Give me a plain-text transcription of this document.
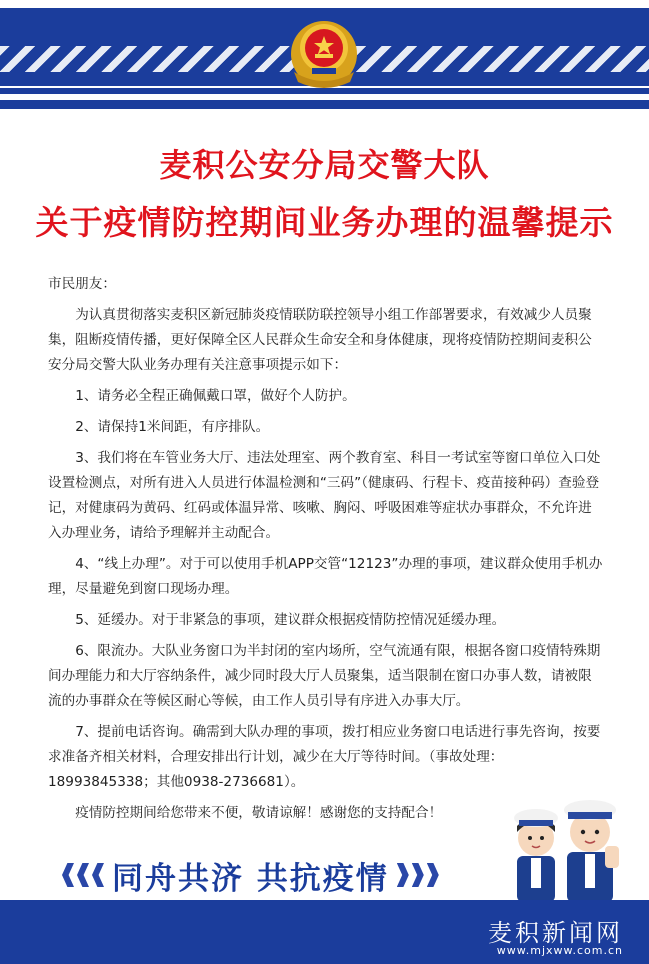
麦积公安分局交警大队
关于疫情防控期间业务办理的温馨提示

市民朋友：

为认真贯彻落实麦积区新冠肺炎疫情联防联控领导小组工作部署要求，有效减少人员聚集，阻断疫情传播，更好保障全区人民群众生命安全和身体健康，现将疫情防控期间麦积公安分局交警大队业务办理有关注意事项提示如下：

1、请务必全程正确佩戴口罩，做好个人防护。

2、请保持1米间距，有序排队。

3、我们将在车管业务大厅、违法处理室、两个教育室、科目一考试室等窗口单位入口处设置检测点，对所有进入人员进行体温检测和“三码”（健康码、行程卡、疫苗接种码）查验登记，对健康码为黄码、红码或体温异常、咳嗽、胸闷、呼吸困难等症状办事群众，不允许进入办理业务，请给予理解并主动配合。

4、“线上办理”。对于可以使用手机APP交管“12123”办理的事项，建议群众使用手机办理，尽量避免到窗口现场办理。

5、延缓办。对于非紧急的事项，建议群众根据疫情防控情况延缓办理。

6、限流办。大队业务窗口为半封闭的室内场所，空气流通有限，根据各窗口疫情特殊期间办理能力和大厅容纳条件，减少同时段大厅人员聚集，适当限制在窗口办事人数，请被限流的办事群众在等候区耐心等候，由工作人员引导有序进入办事大厅。

7、提前电话咨询。确需到大队办理的事项，拨打相应业务窗口电话进行事先咨询，按要求准备齐相关材料，合理安排出行计划，减少在大厅等待时间。（事故处理：18993845338；其他0938-2736681）。

疫情防控期间给您带来不便，敬请谅解！感谢您的支持配合！

同舟共济 共抗疫情
麦积新闻网
www.mjxww.com.cn
